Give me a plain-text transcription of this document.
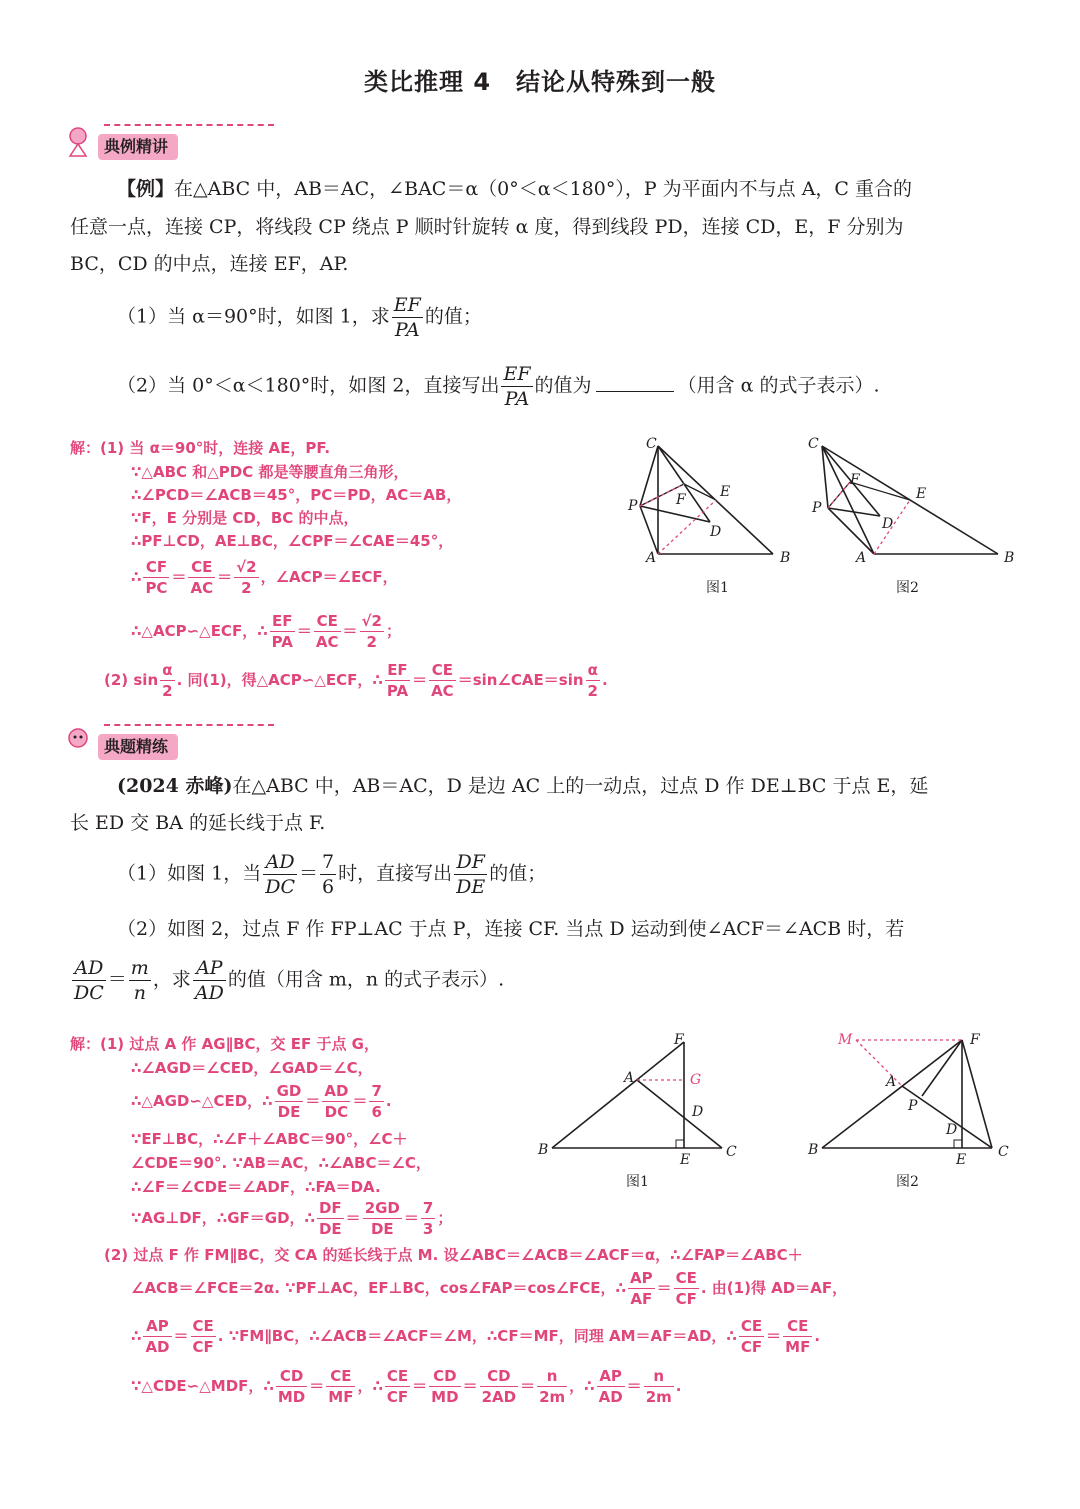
类比推理 4　结论从特殊到一般
典例精讲
【例】在△ABC 中，AB＝AC，∠BAC＝α（0°＜α＜180°），P 为平面内不与点 A，C 重合的
任意一点，连接 CP，将线段 CP 绕点 P 顺时针旋转 α 度，得到线段 PD，连接 CD，E，F 分别为
BC，CD 的中点，连接 EF，AP.
（1）当 α＝90°时，如图 1，求 $\frac{EF}{PA}$ 的值；
（2）当 0°＜α＜180°时，如图 2，直接写出 $\frac{EF}{PA}$ 的值为	（用含 α 的式子表示）.
解：(1) 当 α＝90°时，连接 AE，PF.
∵△ABC 和△PDC 都是等腰直角三角形，
∴∠PCD＝∠ACB＝45°，PC＝PD，AC＝AB，
∵F，E 分别是 CD，BC 的中点，
∴PF⊥CD，AE⊥BC，∠CPF＝∠CAE＝45°，
∴ $\frac{CF}{PC} = \frac{CE}{AC} = \frac{√2}{2}$ ，∠ACP＝∠ECF，
∴△ACP∽△ECF，∴ $\frac{EF}{PA} = \frac{CE}{AC} = \frac{√2}{2}$ ；
(2) $\sin \frac{\alpha}{2}$ . 同(1)，得△ACP∽△ECF，∴ $\frac{EF}{PA} = \frac{CE}{AC}$ ＝sin∠CAE＝sin $\frac{\alpha}{2}$ .
C
P	F E
D
A	B
图1
C
P
F
E
D
A	B
图2
典题精练
(2024 赤峰)在△ABC 中，AB＝AC，D 是边 AC 上的一动点，过点 D 作 DE⊥BC 于点 E，延
长 ED 交 BA 的延长线于点 F.
（1）如图 1，当 $\frac{AD}{DC} = \frac{7}{6}$ 时，直接写出 $\frac{DF}{DE}$ 的值；
（2）如图 2，过点 F 作 FP⊥AC 于点 P，连接 CF. 当点 D 运动到使∠ACF＝∠ACB 时，若
$\frac{AD}{DC} = \frac{m}{n}$ ，求 $\frac{AP}{AD}$ 的值（用含 m，n 的式子表示）.
解：(1) 过点 A 作 AG∥BC，交 EF 于点 G，
∴∠AGD＝∠CED，∠GAD＝∠C，
∴△AGD∽△CED，∴ $\frac{GD}{DE} = \frac{AD}{DC} = \frac{7}{6}$ .
∵EF⊥BC，∴∠F＋∠ABC＝90°，∠C＋
∠CDE＝90°. ∵AB＝AC，∴∠ABC＝∠C，
∴∠F＝∠CDE＝∠ADF，∴FA＝DA.
∵AG⊥DF，∴GF＝GD，∴ $\frac{DF}{DE} = \frac{2GD}{DE} = \frac{7}{3}$ ；
(2) 过点 F 作 FM∥BC，交 CA 的延长线于点 M. 设∠ABC＝∠ACB＝∠ACF＝α，∴∠FAP＝∠ABC＋
∠ACB＝∠FCE＝2α. ∵PF⊥AC，EF⊥BC，cos∠FAP＝cos∠FCE，∴ $\frac{AP}{AF} = \frac{CE}{CF}$ . 由(1)得 AD＝AF，
∴ $\frac{AP}{AD} = \frac{CE}{CF}$ . ∵FM∥BC，∴∠ACB＝∠ACF＝∠M，∴CF＝MF，同理 AM＝AF＝AD，∴ $\frac{CE}{CF} = \frac{CE}{MF}$ .
∵△CDE∽△MDF，∴ $\frac{CD}{MD} = \frac{CE}{MF}$ ，∴ $\frac{CE}{CF} = \frac{CD}{MD} = \frac{CD}{2AD} = \frac{n}{2m}$ ，∴ $\frac{AP}{AD} = \frac{n}{2m}$ .
F
A	G
D
B
E	C
图1
M	F
A
P
D
B
E C
图2
